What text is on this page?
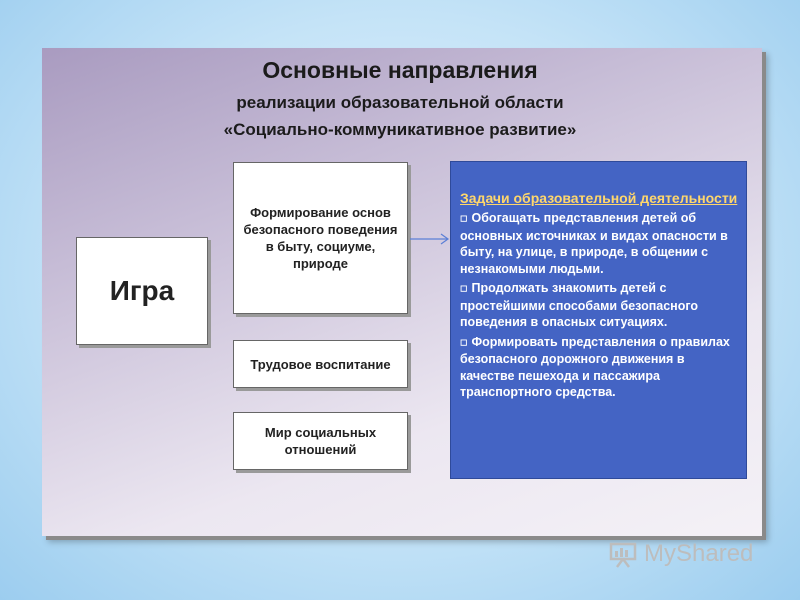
Основные направления
реализации образовательной области
«Социально-коммуникативное развитие»
Игра
Формирование основ безопасного поведения в быту, социуме, природе
Трудовое воспитание
Мир социальных отношений
Задачи образовательной деятельности
◻ Обогащать представления детей об основных источниках и видах опасности в быту, на улице, в природе, в общении с незнакомыми людьми.
◻ Продолжать знакомить детей с простейшими способами безопасного поведения в опасных ситуациях.
◻ Формировать представления о правилах безопасного дорожного движения в качестве пешехода и пассажира транспортного средства.
MyShared
